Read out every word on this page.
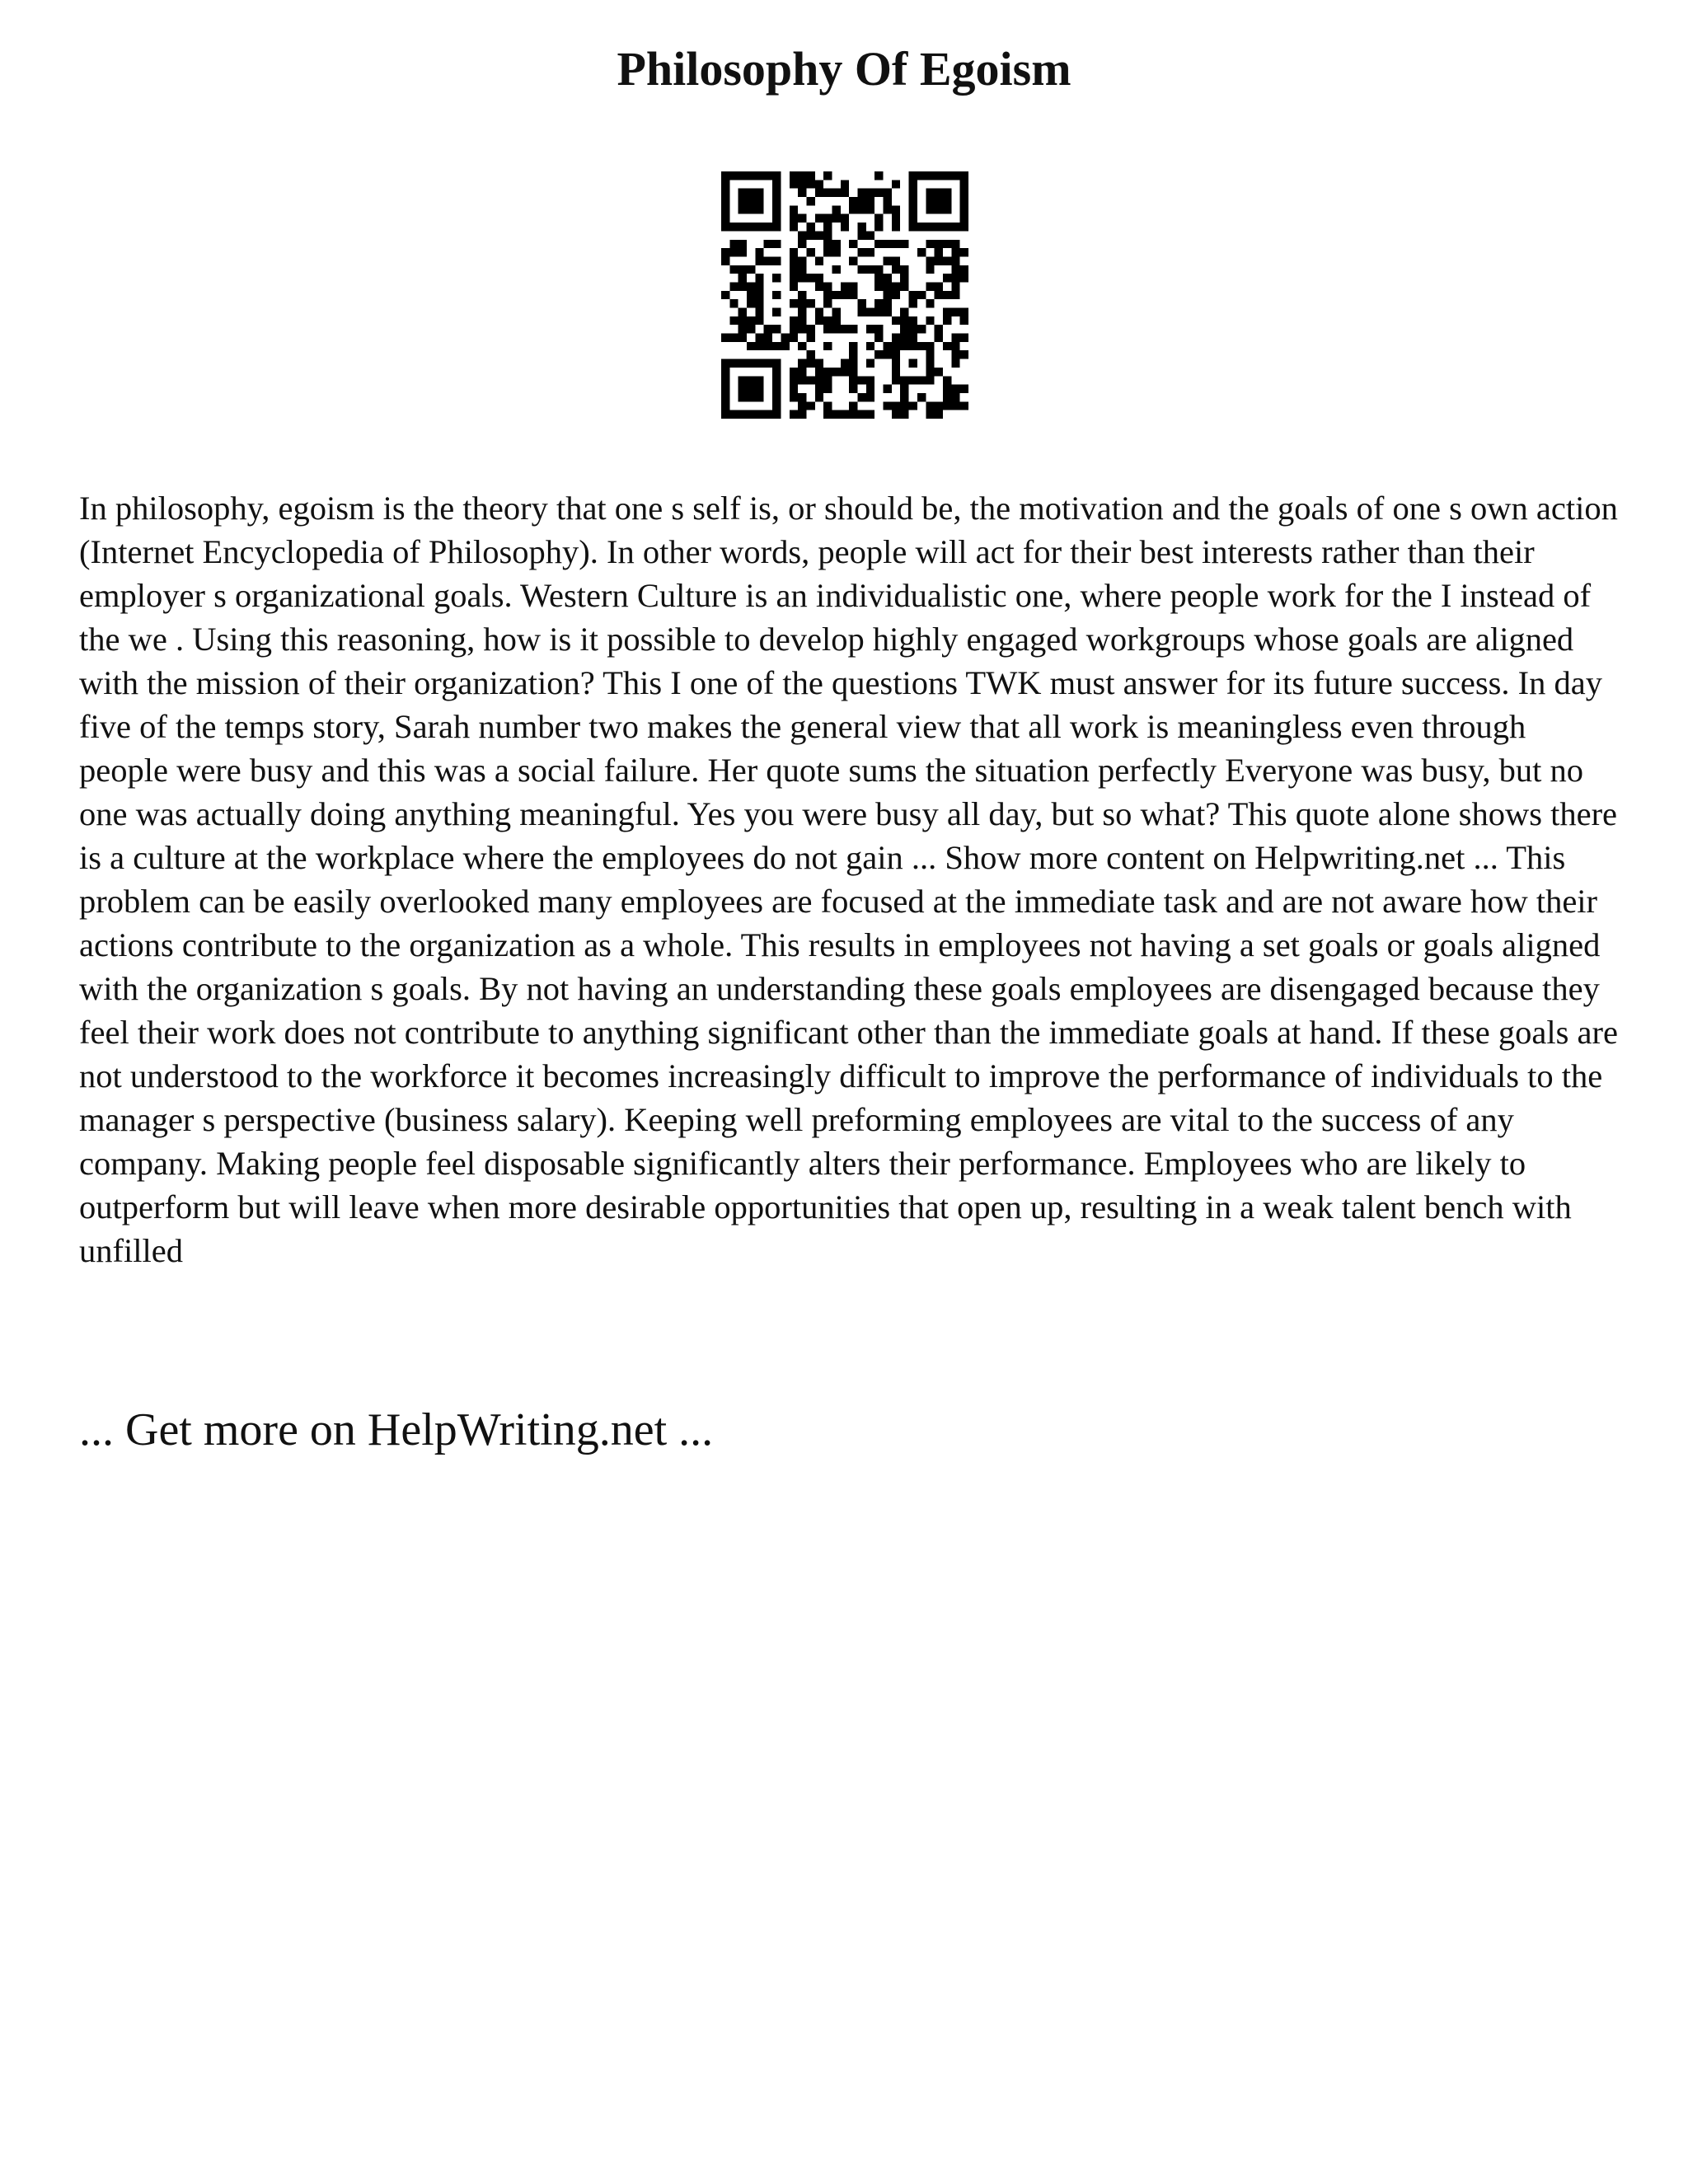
Philosophy Of Egoism

In philosophy, egoism is the theory that one s self is, or should be, the motivation and the goals of one s own action (Internet Encyclopedia of Philosophy). In other words, people will act for their best interests rather than their employer s organizational goals. Western Culture is an individualistic one, where people work for the I instead of the we . Using this reasoning, how is it possible to develop highly engaged workgroups whose goals are aligned with the mission of their organization? This I one of the questions TWK must answer for its future success. In day five of the temps story, Sarah number two makes the general view that all work is meaningless even through people were busy and this was a social failure. Her quote sums the situation perfectly Everyone was busy, but no one was actually doing anything meaningful. Yes you were busy all day, but so what? This quote alone shows there is a culture at the workplace where the employees do not gain ... Show more content on Helpwriting.net ... This problem can be easily overlooked many employees are focused at the immediate task and are not aware how their actions contribute to the organization as a whole. This results in employees not having a set goals or goals aligned with the organization s goals. By not having an understanding these goals employees are disengaged because they feel their work does not contribute to anything significant other than the immediate goals at hand. If these goals are not understood to the workforce it becomes increasingly difficult to improve the performance of individuals to the manager s perspective (business salary). Keeping well preforming employees are vital to the success of any company. Making people feel disposable significantly alters their performance. Employees who are likely to outperform but will leave when more desirable opportunities that open up, resulting in a weak talent bench with unfilled

... Get more on HelpWriting.net ...
